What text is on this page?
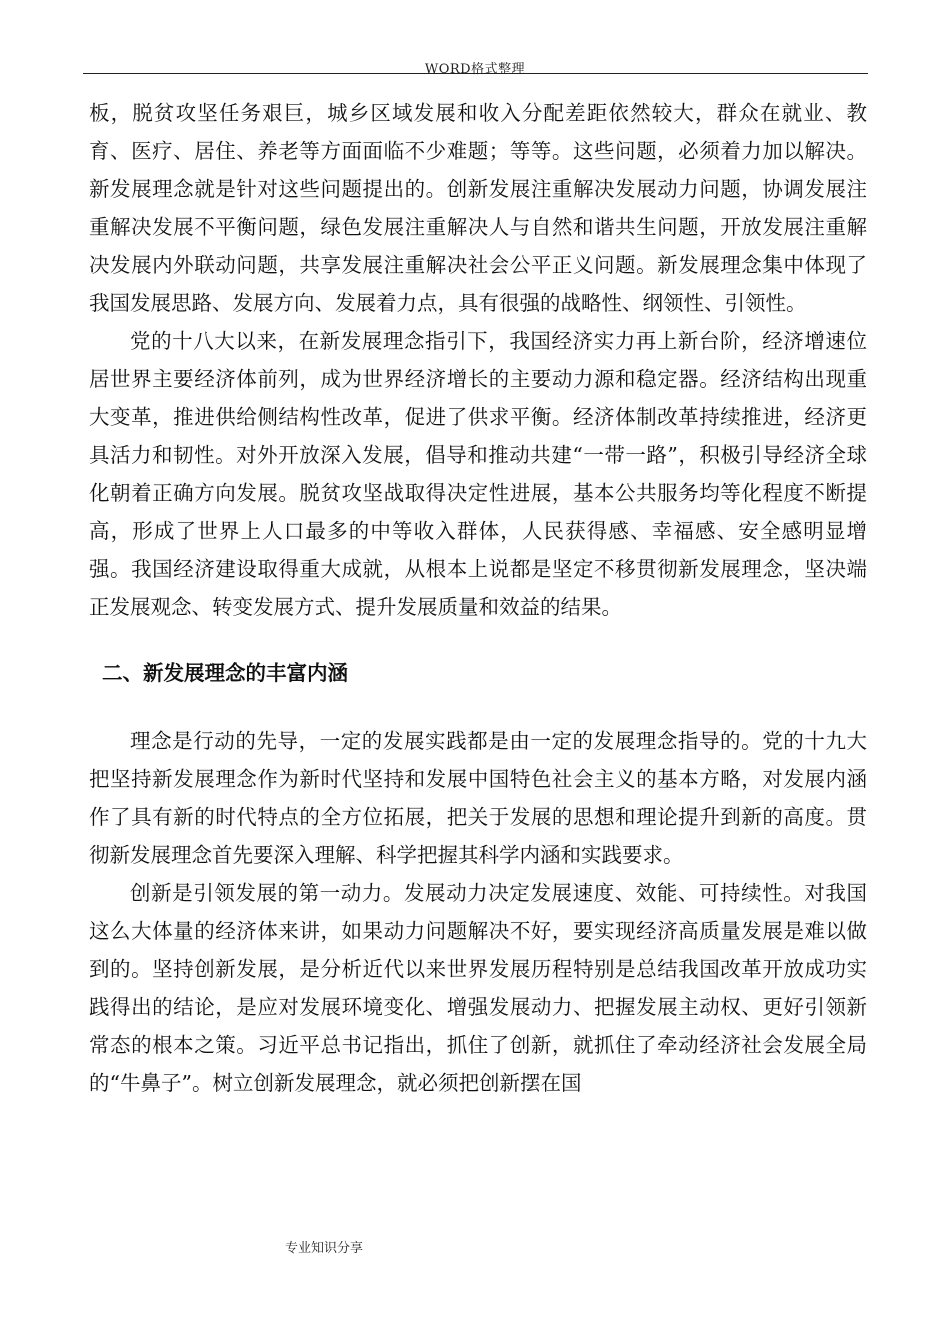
WORD格式整理

板，脱贫攻坚任务艰巨，城乡区域发展和收入分配差距依然较大，群众在就业、教育、医疗、居住、养老等方面面临不少难题；等等。这些问题，必须着力加以解决。新发展理念就是针对这些问题提出的。创新发展注重解决发展动力问题，协调发展注重解决发展不平衡问题，绿色发展注重解决人与自然和谐共生问题，开放发展注重解决发展内外联动问题，共享发展注重解决社会公平正义问题。新发展理念集中体现了我国发展思路、发展方向、发展着力点，具有很强的战略性、纲领性、引领性。

党的十八大以来，在新发展理念指引下，我国经济实力再上新台阶，经济增速位居世界主要经济体前列，成为世界经济增长的主要动力源和稳定器。经济结构出现重大变革，推进供给侧结构性改革，促进了供求平衡。经济体制改革持续推进，经济更具活力和韧性。对外开放深入发展，倡导和推动共建“一带一路”，积极引导经济全球化朝着正确方向发展。脱贫攻坚战取得决定性进展，基本公共服务均等化程度不断提高，形成了世界上人口最多的中等收入群体，人民获得感、幸福感、安全感明显增强。我国经济建设取得重大成就，从根本上说都是坚定不移贯彻新发展理念，坚决端正发展观念、转变发展方式、提升发展质量和效益的结果。

二、新发展理念的丰富内涵

理念是行动的先导，一定的发展实践都是由一定的发展理念指导的。党的十九大把坚持新发展理念作为新时代坚持和发展中国特色社会主义的基本方略，对发展内涵作了具有新的时代特点的全方位拓展，把关于发展的思想和理论提升到新的高度。贯彻新发展理念首先要深入理解、科学把握其科学内涵和实践要求。

创新是引领发展的第一动力。发展动力决定发展速度、效能、可持续性。对我国这么大体量的经济体来讲，如果动力问题解决不好，要实现经济高质量发展是难以做到的。坚持创新发展，是分析近代以来世界发展历程特别是总结我国改革开放成功实践得出的结论，是应对发展环境变化、增强发展动力、把握发展主动权、更好引领新常态的根本之策。习近平总书记指出，抓住了创新，就抓住了牵动经济社会发展全局的“牛鼻子”。树立创新发展理念，就必须把创新摆在国

专业知识分享
